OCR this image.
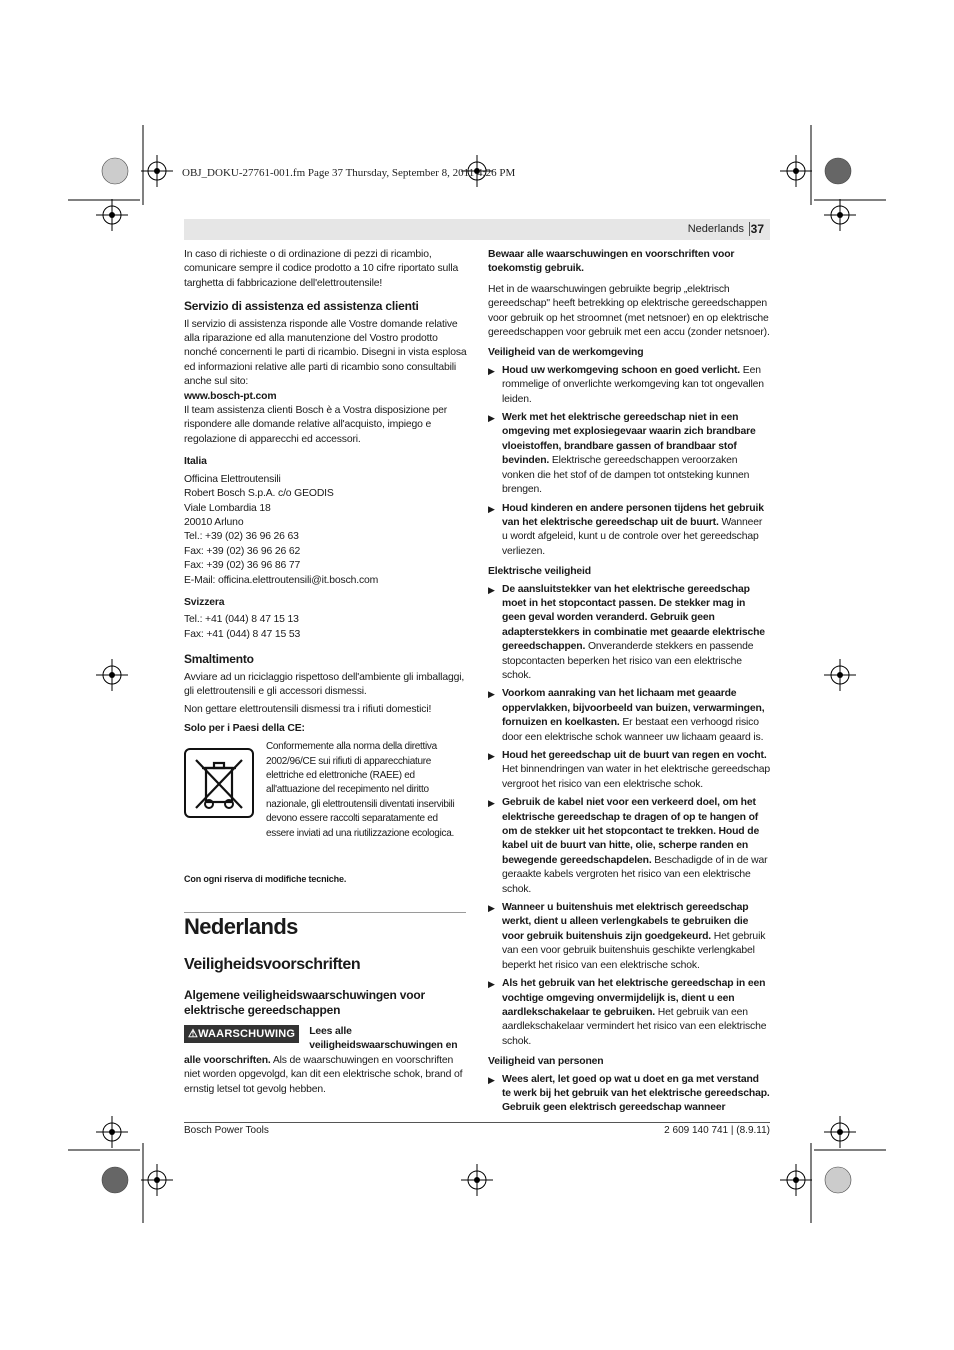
OBJ_DOKU-27761-001.fm Page 37 Thursday, September 8, 2011 4:26 PM
Nederlands 37

In caso di richieste o di ordinazione di pezzi di ricambio, comunicare sempre il codice prodotto a 10 cifre riportato sulla targhetta di fabbricazione dell'elettroutensile!

Servizio di assistenza ed assistenza clienti

Il servizio di assistenza risponde alle Vostre domande relative alla riparazione ed alla manutenzione del Vostro prodotto nonché concernenti le parti di ricambio. Disegni in vista esplosa ed informazioni relative alle parti di ricambio sono consultabili anche sul sito:

www.bosch-pt.com

Il team assistenza clienti Bosch è a Vostra disposizione per rispondere alle domande relative all'acquisto, impiego e regolazione di apparecchi ed accessori.

Italia
Officina Elettroutensili
Robert Bosch S.p.A. c/o GEODIS
Viale Lombardia 18
20010 Arluno
Tel.: +39 (02) 36 96 26 63
Fax: +39 (02) 36 96 26 62
Fax: +39 (02) 36 96 86 77
E-Mail: officina.elettroutensili@it.bosch.com
Svizzera
Tel.: +41 (044) 8 47 15 13
Fax: +41 (044) 8 47 15 53
Smaltimento

Avviare ad un riciclaggio rispettoso dell'ambiente gli imballaggi, gli elettroutensili e gli accessori dismessi.

Non gettare elettroutensili dismessi tra i rifiuti domestici!

Solo per i Paesi della CE:
Conformemente alla norma della direttiva 2002/96/CE sui rifiuti di apparecchiature elettriche ed elettroniche (RAEE) ed all'attuazione del recepimento nel diritto nazionale, gli elettroutensili diventati inservibili devono essere raccolti separatamente ed essere inviati ad una riutilizzazione ecologica.
Con ogni riserva di modifiche tecniche.
Nederlands
Veiligheidsvoorschriften
Algemene veiligheidswaarschuwingen voor elektrische gereedschappen
⚠WAARSCHUWING	Lees alle veiligheidswaarschuwingen en alle voorschriften. Als de waarschuwingen en voorschriften niet worden opgevolgd, kan dit een elektrische schok, brand of ernstig letsel tot gevolg hebben.

Bewaar alle waarschuwingen en voorschriften voor toekomstig gebruik.

Het in de waarschuwingen gebruikte begrip „elektrisch gereedschap" heeft betrekking op elektrische gereedschappen voor gebruik op het stroomnet (met netsnoer) en op elektrische gereedschappen voor gebruik met een accu (zonder netsnoer).

Veiligheid van de werkomgeving
▶ Houd uw werkomgeving schoon en goed verlicht. Een rommelige of onverlichte werkomgeving kan tot ongevallen leiden.
▶ Werk met het elektrische gereedschap niet in een omgeving met explosiegevaar waarin zich brandbare vloeistoffen, brandbare gassen of brandbaar stof bevinden. Elektrische gereedschappen veroorzaken vonken die het stof of de dampen tot ontsteking kunnen brengen.
▶ Houd kinderen en andere personen tijdens het gebruik van het elektrische gereedschap uit de buurt. Wanneer u wordt afgeleid, kunt u de controle over het gereedschap verliezen.
Elektrische veiligheid
▶ De aansluitstekker van het elektrische gereedschap moet in het stopcontact passen. De stekker mag in geen geval worden veranderd. Gebruik geen adapterstekkers in combinatie met geaarde elektrische gereedschappen. Onveranderde stekkers en passende stopcontacten beperken het risico van een elektrische schok.
▶ Voorkom aanraking van het lichaam met geaarde oppervlakken, bijvoorbeeld van buizen, verwarmingen, fornuizen en koelkasten. Er bestaat een verhoogd risico door een elektrische schok wanneer uw lichaam geaard is.
▶ Houd het gereedschap uit de buurt van regen en vocht. Het binnendringen van water in het elektrische gereedschap vergroot het risico van een elektrische schok.
▶ Gebruik de kabel niet voor een verkeerd doel, om het elektrische gereedschap te dragen of op te hangen of om de stekker uit het stopcontact te trekken. Houd de kabel uit de buurt van hitte, olie, scherpe randen en bewegende gereedschapdelen. Beschadigde of in de war geraakte kabels vergroten het risico van een elektrische schok.
▶ Wanneer u buitenshuis met elektrisch gereedschap werkt, dient u alleen verlengkabels te gebruiken die voor gebruik buitenshuis zijn goedgekeurd. Het gebruik van een voor gebruik buitenshuis geschikte verlengkabel beperkt het risico van een elektrische schok.
▶ Als het gebruik van het elektrische gereedschap in een vochtige omgeving onvermijdelijk is, dient u een aardlekschakelaar te gebruiken. Het gebruik van een aardlekschakelaar vermindert het risico van een elektrische schok.
Veiligheid van personen
▶ Wees alert, let goed op wat u doet en ga met verstand te werk bij het gebruik van het elektrische gereedschap. Gebruik geen elektrisch gereedschap wanneer
Bosch Power Tools	2 609 140 741 | (8.9.11)
